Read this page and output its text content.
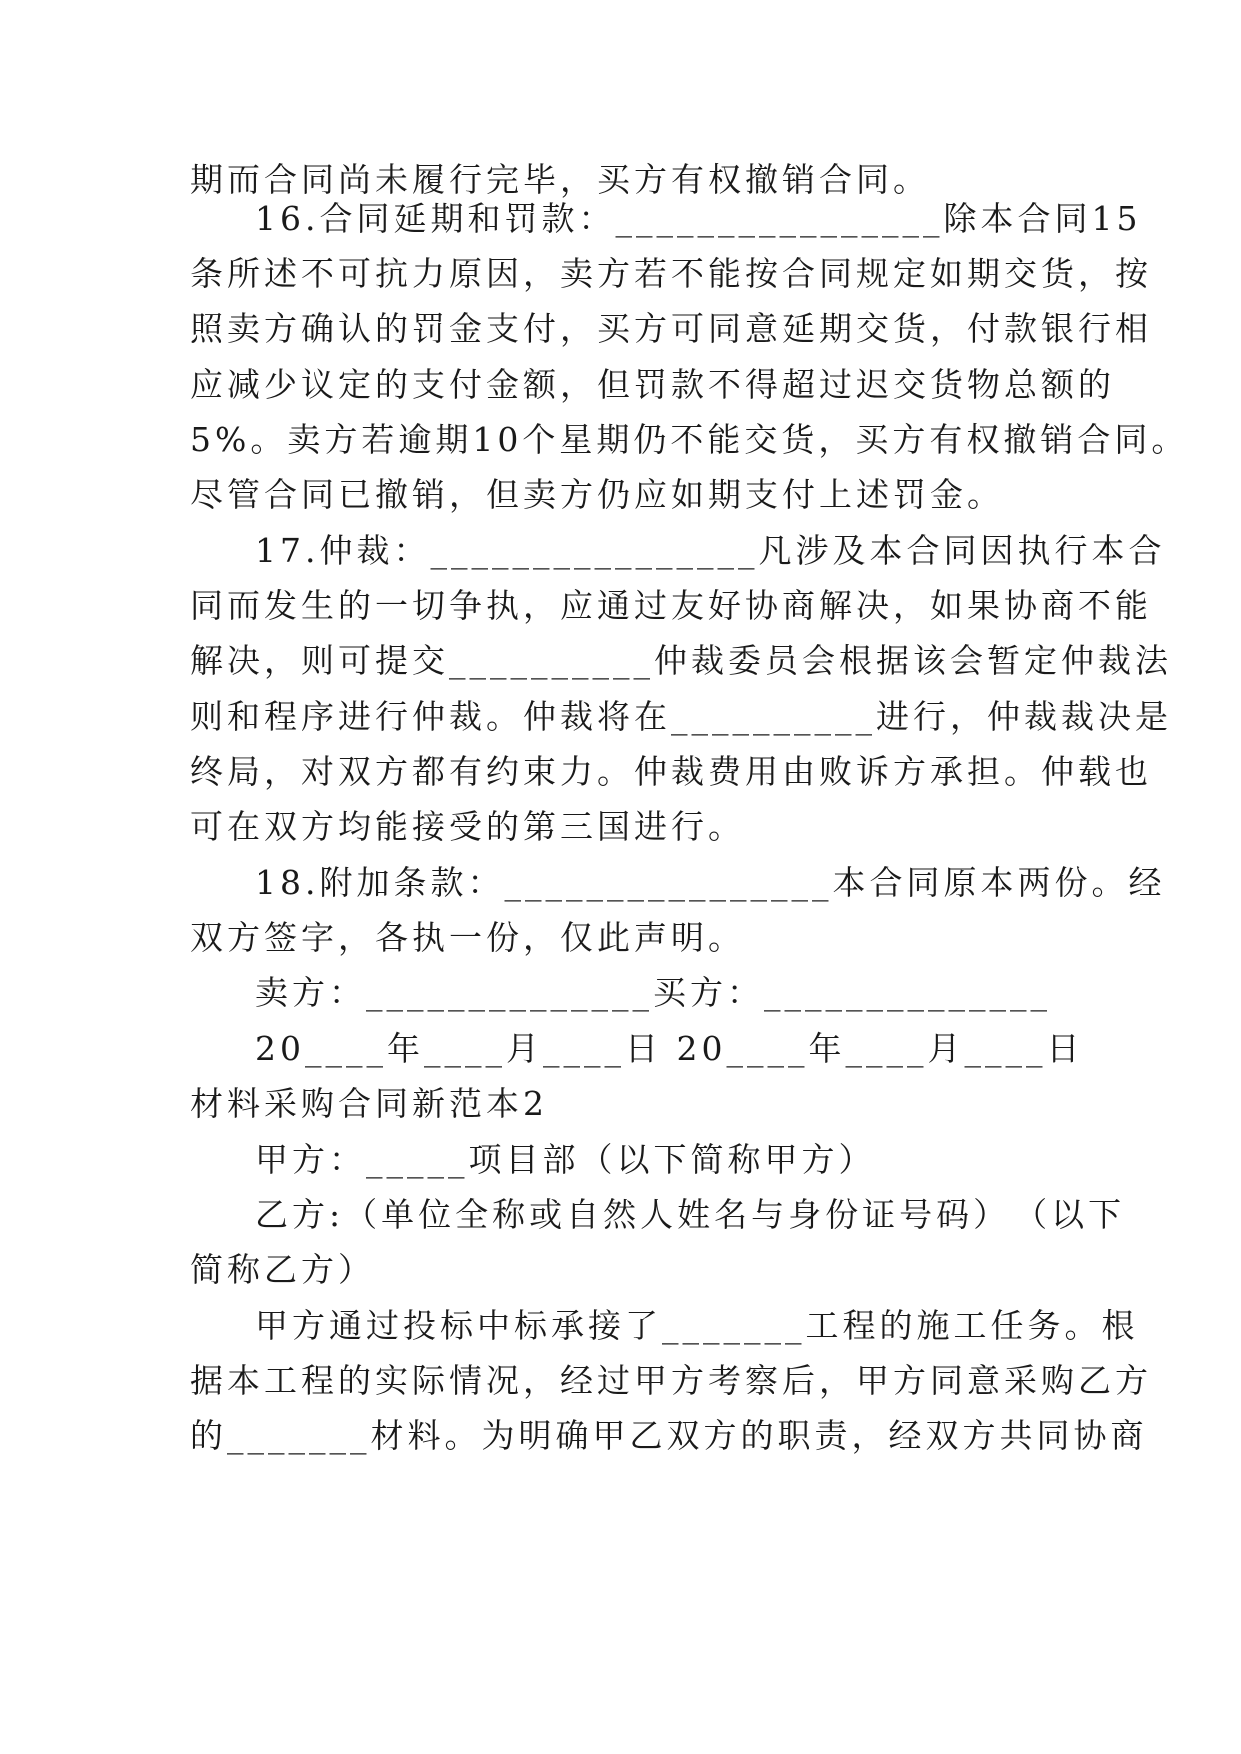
期而合同尚未履行完毕，买方有权撤销合同。
16.合同延期和罚款：________________除本合同15
条所述不可抗力原因，卖方若不能按合同规定如期交货，按
照卖方确认的罚金支付，买方可同意延期交货，付款银行相
应减少议定的支付金额，但罚款不得超过迟交货物总额的
5%。卖方若逾期10个星期仍不能交货，买方有权撤销合同。
尽管合同已撤销，但卖方仍应如期支付上述罚金。
17.仲裁：________________凡涉及本合同因执行本合
同而发生的一切争执，应通过友好协商解决，如果协商不能
解决，则可提交__________仲裁委员会根据该会暂定仲裁法
则和程序进行仲裁。仲裁将在__________进行，仲裁裁决是
终局，对双方都有约束力。仲裁费用由败诉方承担。仲载也
可在双方均能接受的第三国进行。
18.附加条款：________________本合同原本两份。经
双方签字，各执一份，仅此声明。
卖方：______________买方：______________
20____年____月____日 20____年____月____日
材料采购合同新范本2
甲方：_____项目部（以下简称甲方）
乙方:（单位全称或自然人姓名与身份证号码）　（以下
简称乙方）
甲方通过投标中标承接了_______工程的施工任务。根
据本工程的实际情况，经过甲方考察后，甲方同意采购乙方
的_______材料。为明确甲乙双方的职责，经双方共同协商
